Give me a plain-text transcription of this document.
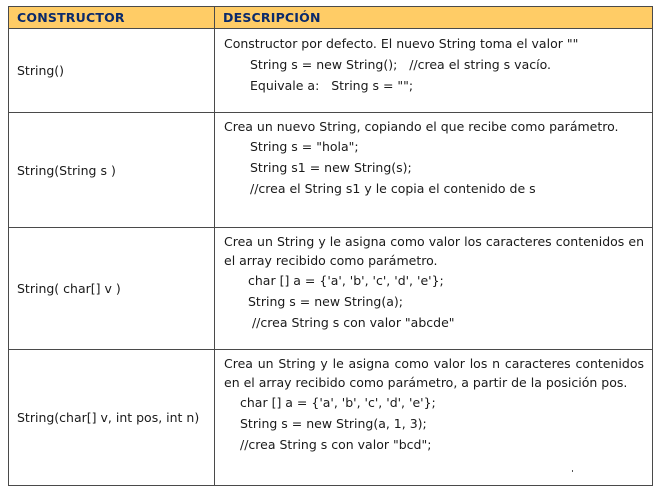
CONSTRUCTOR	DESCRIPCIÓN
String()	Constructor por defecto. El nuevo String toma el valor ""
String s = new String();   //crea el string s vacío.
Equivale a:   String s = "";

String(String s )	Crea un nuevo String, copiando el que recibe como parámetro.
String s = "hola";
String s1 = new String(s);
//crea el String s1 y le copia el contenido de s

String( char[] v )	Crea un String y le asigna como valor los caracteres contenidos en el array recibido como parámetro.
char [] a = {'a', 'b', 'c', 'd', 'e'};
String s = new String(a);
//crea String s con valor "abcde"

String(char[] v, int pos, int n)	Crea un String y le asigna como valor los n caracteres contenidos en el array recibido como parámetro, a partir de la posición pos.
char [] a = {'a', 'b', 'c', 'd', 'e'};
String s = new String(a, 1, 3);
//crea String s con valor "bcd";
